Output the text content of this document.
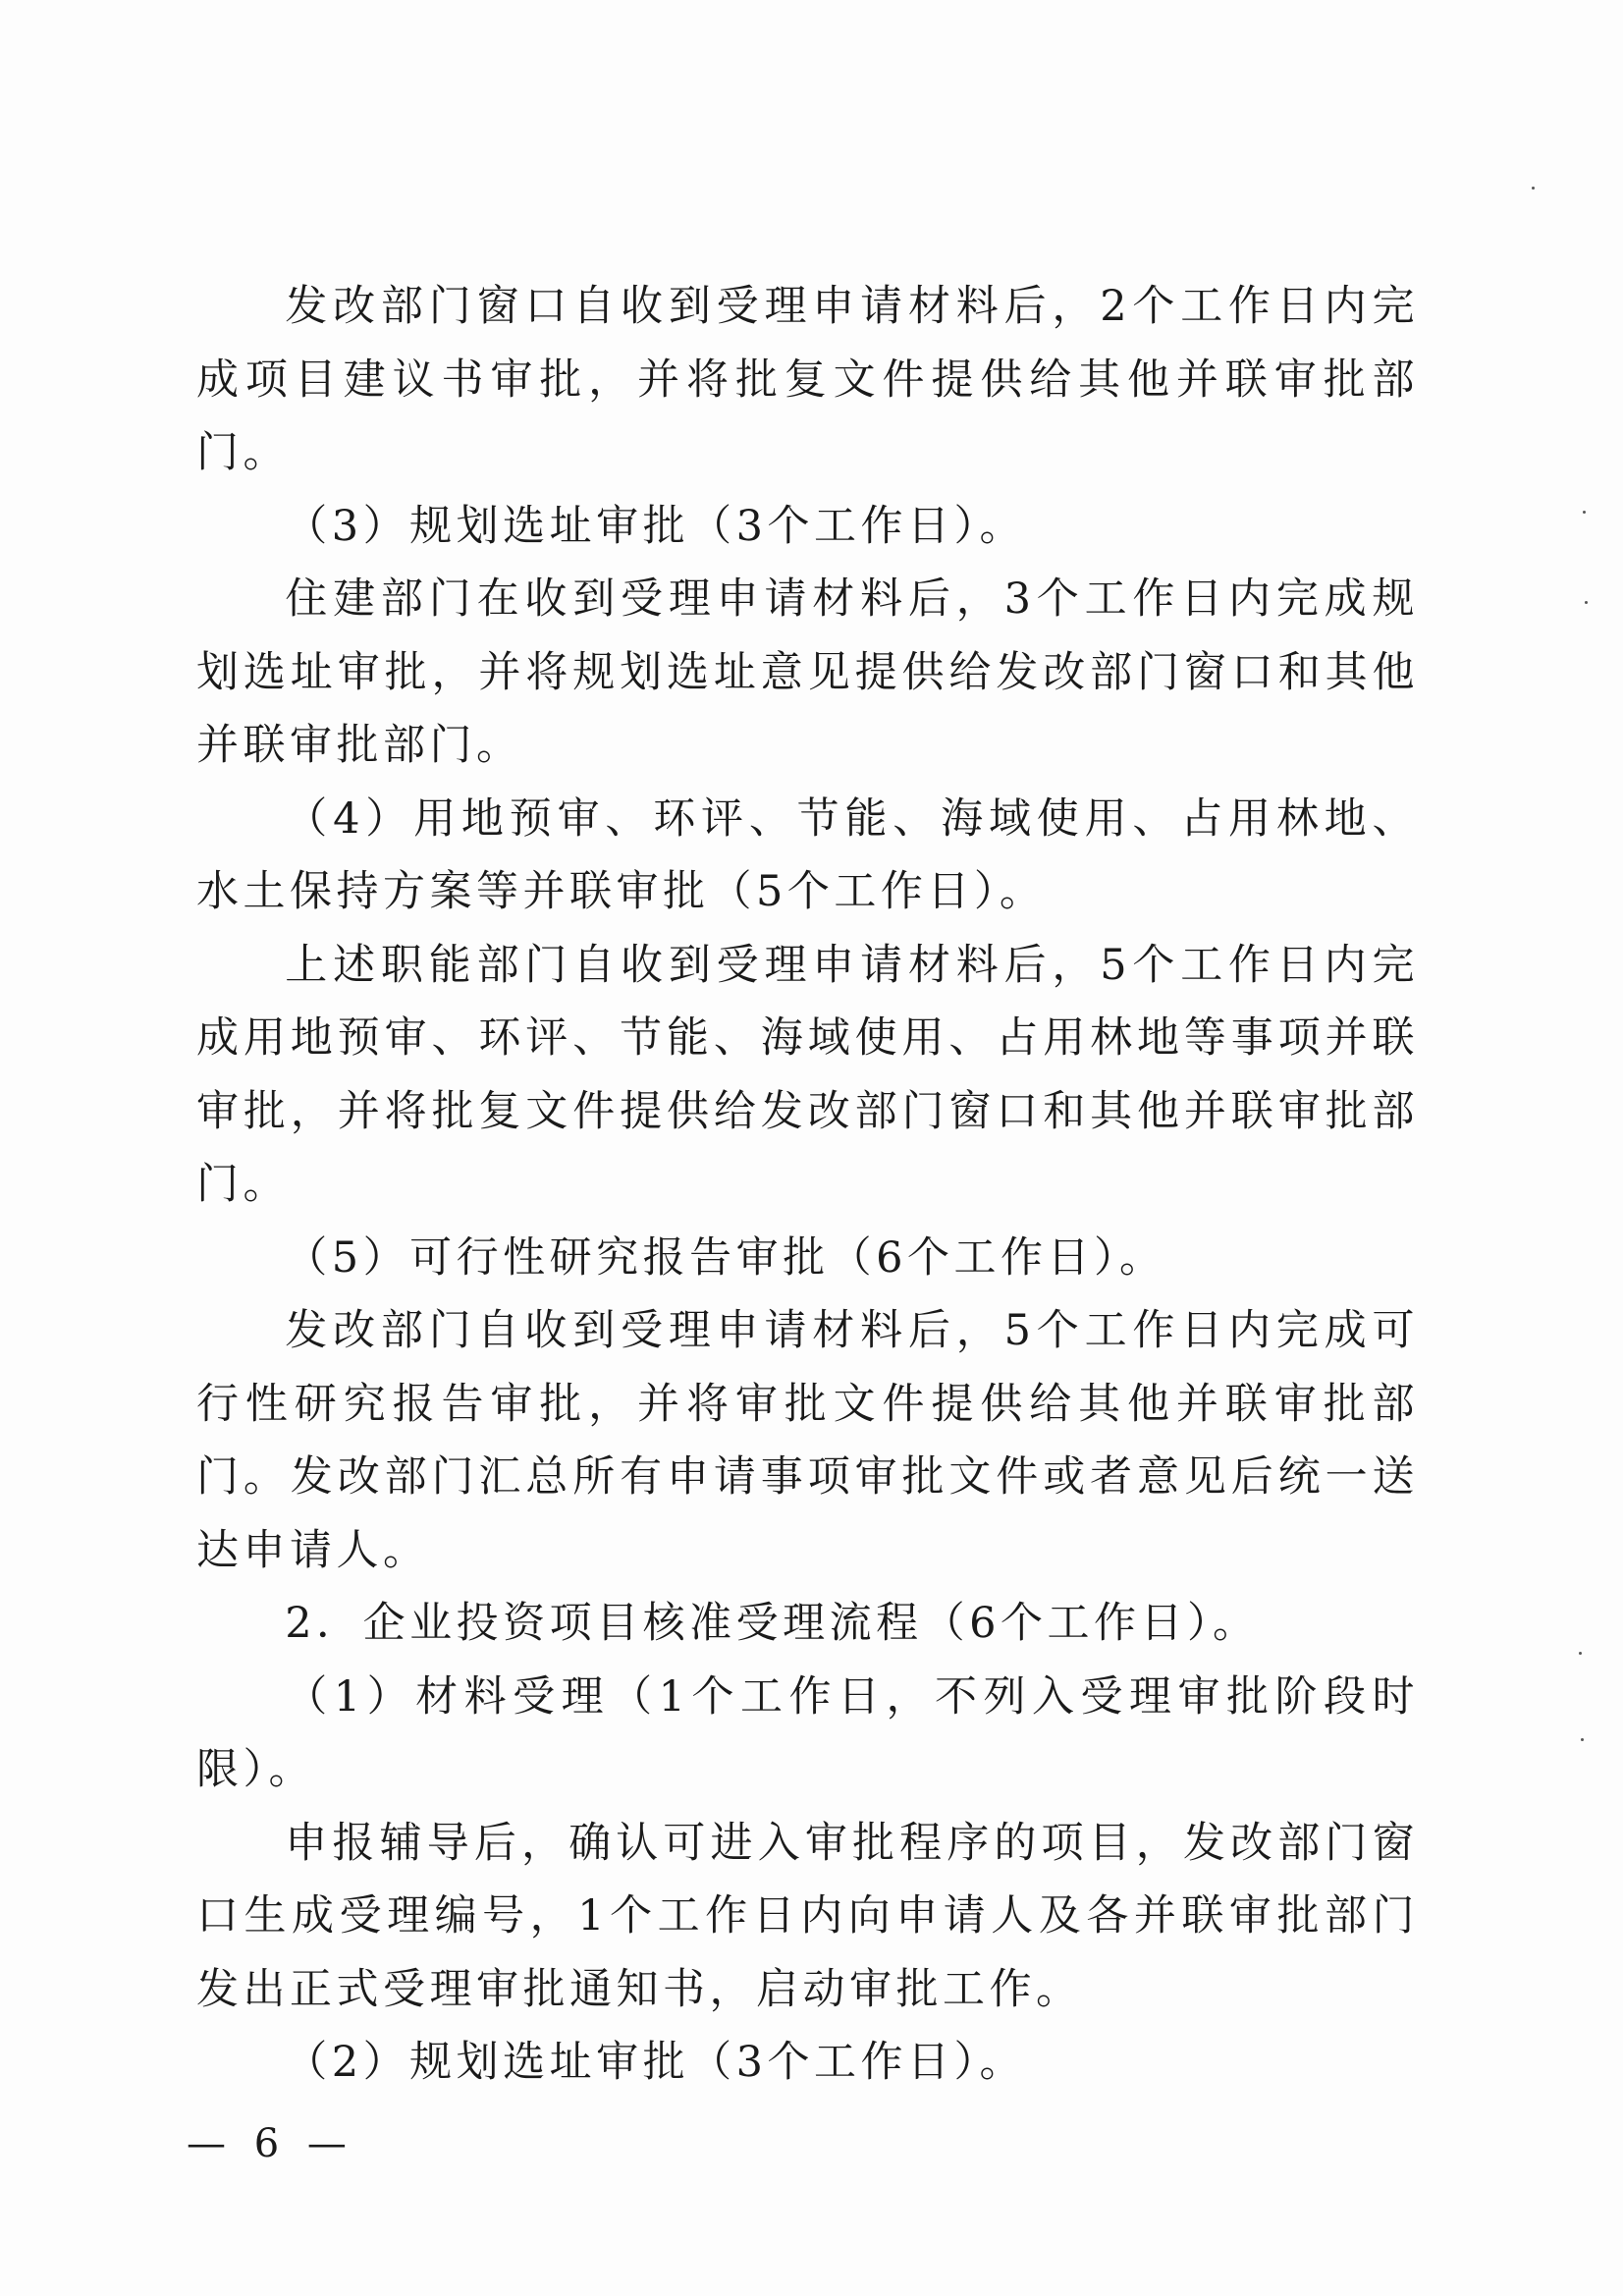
发改部门窗口自收到受理申请材料后，2个工作日内完成项目建议书审批，并将批复文件提供给其他并联审批部门。

（3）规划选址审批（3个工作日）。

住建部门在收到受理申请材料后，3个工作日内完成规划选址审批，并将规划选址意见提供给发改部门窗口和其他并联审批部门。

（4）用地预审、环评、节能、海域使用、占用林地、水土保持方案等并联审批（5个工作日）。

上述职能部门自收到受理申请材料后，5个工作日内完成用地预审、环评、节能、海域使用、占用林地等事项并联审批，并将批复文件提供给发改部门窗口和其他并联审批部门。

（5）可行性研究报告审批（6个工作日）。

发改部门自收到受理申请材料后，5个工作日内完成可行性研究报告审批，并将审批文件提供给其他并联审批部门。发改部门汇总所有申请事项审批文件或者意见后统一送达申请人。

2．企业投资项目核准受理流程（6个工作日）。

（1）材料受理（1个工作日，不列入受理审批阶段时限）。

申报辅导后，确认可进入审批程序的项目，发改部门窗口生成受理编号，1个工作日内向申请人及各并联审批部门发出正式受理审批通知书，启动审批工作。

（2）规划选址审批（3个工作日）。

— 6 —
